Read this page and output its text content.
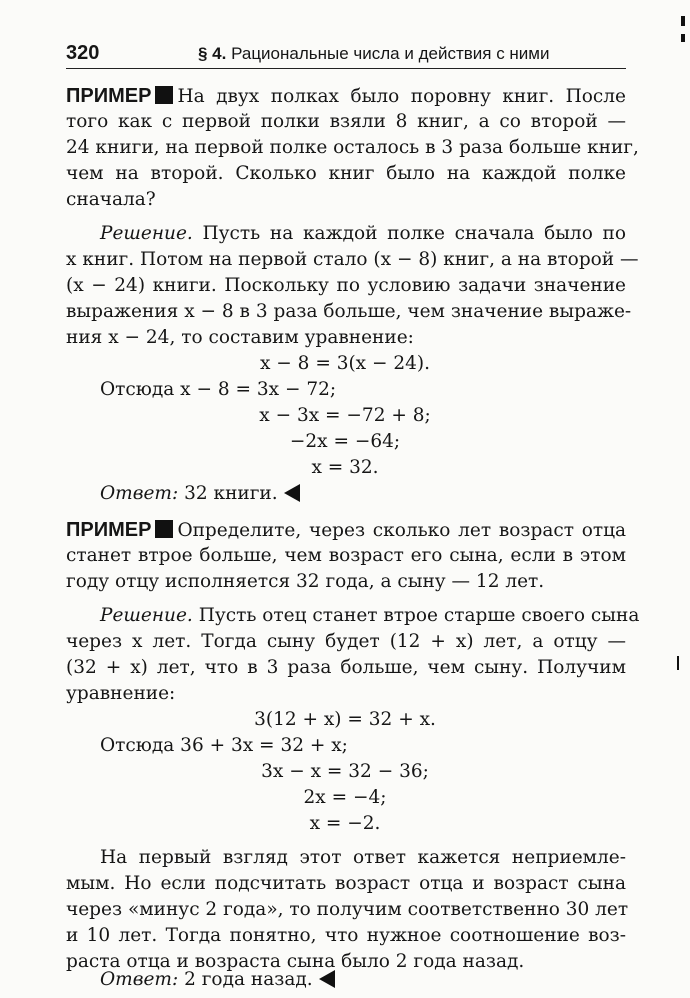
320	§ 4. Рациональные числа и действия с ними
ПРИМЕР На двух полках было поровну книг. После
того как с первой полки взяли 8 книг, а со второй —
24 книги, на первой полке осталось в 3 раза больше книг,
чем на второй. Сколько книг было на каждой полке
сначала?
Решение. Пусть на каждой полке сначала было по
x книг. Потом на первой стало (x − 8) книг, а на второй —
(x − 24) книги. Поскольку по условию задачи значение
выражения x − 8 в 3 раза больше, чем значение выраже-
ния x − 24, то составим уравнение:
x − 8 = 3(x − 24).
Отсюда x − 8 = 3x − 72;
x − 3x = −72 + 8;
−2x = −64;
x = 32.
Ответ: 32 книги.
ПРИМЕР Определите, через сколько лет возраст отца
станет втрое больше, чем возраст его сына, если в этом
году отцу исполняется 32 года, а сыну — 12 лет.
Решение. Пусть отец станет втрое старше своего сына
через x лет. Тогда сыну будет (12 + x) лет, а отцу —
(32 + x) лет, что в 3 раза больше, чем сыну. Получим
уравнение:
3(12 + x) = 32 + x.
Отсюда 36 + 3x = 32 + x;
3x − x = 32 − 36;
2x = −4;
x = −2.
На первый взгляд этот ответ кажется неприемле-
мым. Но если подсчитать возраст отца и возраст сына
через «минус 2 года», то получим соответственно 30 лет
и 10 лет. Тогда понятно, что нужное соотношение воз-
раста отца и возраста сына было 2 года назад.
Ответ: 2 года назад.
